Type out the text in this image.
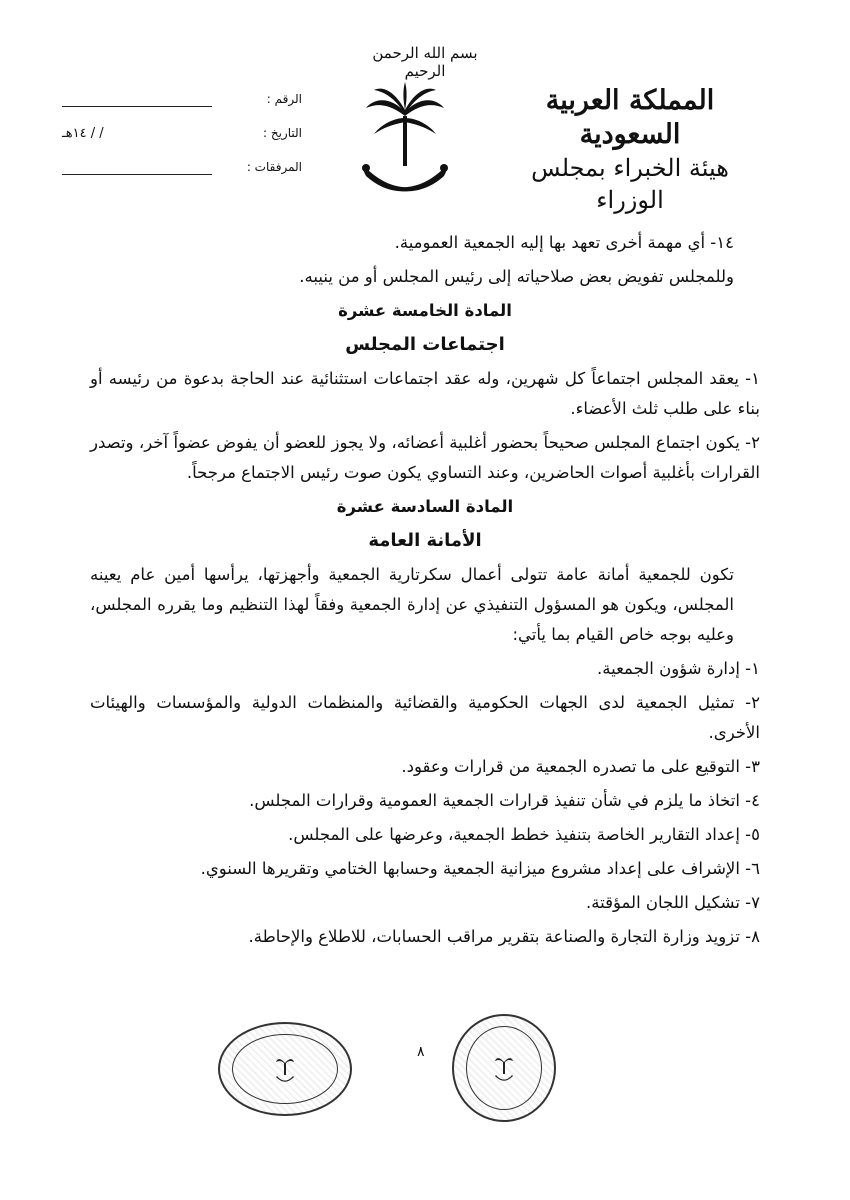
بسم الله الرحمن الرحيم
المملكة العربية السعودية
هيئة الخبراء بمجلس الوزراء
الرقم :
التاريخ :
/ / ١٤هـ
المرفقات :

١٤- أي مهمة أخرى تعهد بها إليه الجمعية العمومية.

وللمجلس تفويض بعض صلاحياته إلى رئيس المجلس أو من ينيبه.

المادة الخامسة عشرة

اجتماعات المجلس

١- يعقد المجلس اجتماعاً كل شهرين، وله عقد اجتماعات استثنائية عند الحاجة بدعوة من رئيسه أو بناء على طلب ثلث الأعضاء.

٢- يكون اجتماع المجلس صحيحاً بحضور أغلبية أعضائه، ولا يجوز للعضو أن يفوض عضواً آخر، وتصدر القرارات بأغلبية أصوات الحاضرين، وعند التساوي يكون صوت رئيس الاجتماع مرجحاً.

المادة السادسة عشرة

الأمانة العامة

تكون للجمعية أمانة عامة تتولى أعمال سكرتارية الجمعية وأجهزتها، يرأسها أمين عام يعينه المجلس، ويكون هو المسؤول التنفيذي عن إدارة الجمعية وفقاً لهذا التنظيم وما يقرره المجلس، وعليه بوجه خاص القيام بما يأتي:

١- إدارة شؤون الجمعية.

٢- تمثيل الجمعية لدى الجهات الحكومية والقضائية والمنظمات الدولية والمؤسسات والهيئات الأخرى.

٣- التوقيع على ما تصدره الجمعية من قرارات وعقود.

٤- اتخاذ ما يلزم في شأن تنفيذ قرارات الجمعية العمومية وقرارات المجلس.

٥- إعداد التقارير الخاصة بتنفيذ خطط الجمعية، وعرضها على المجلس.

٦- الإشراف على إعداد مشروع ميزانية الجمعية وحسابها الختامي وتقريرها السنوي.

٧- تشكيل اللجان المؤقتة.

٨- تزويد وزارة التجارة والصناعة بتقرير مراقب الحسابات، للاطلاع والإحاطة.

٨
